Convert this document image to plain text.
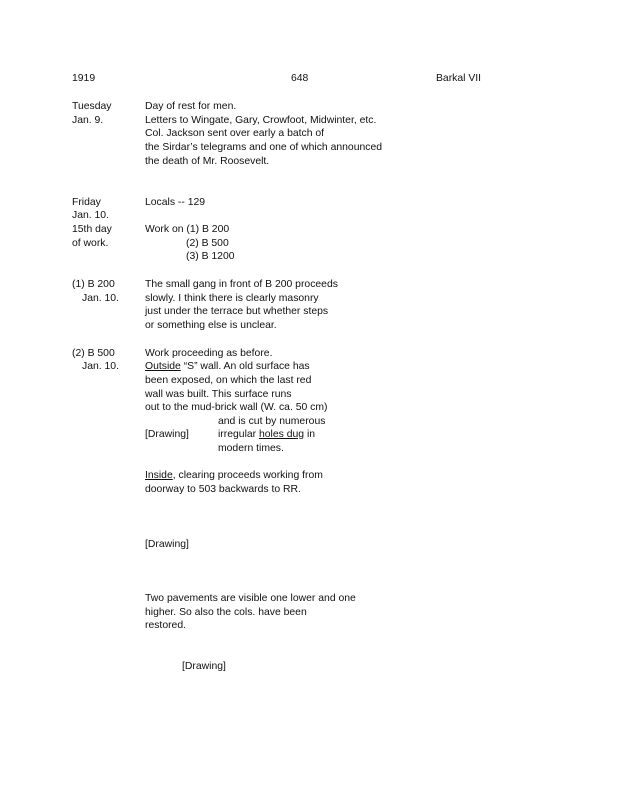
1919	648	Barkal VII
Tuesday
Jan. 9.
Day of rest for men.
Letters to Wingate, Gary, Crowfoot, Midwinter, etc.
Col. Jackson sent over early a batch of
the Sirdar’s telegrams and one of which announced
the death of Mr. Roosevelt.
Friday
Jan. 10.
15th day
of work.
Locals -- 129
Work on (1) B 200
(2) B 500
(3) B 1200
(1) B 200
Jan. 10.
The small gang in front of B 200 proceeds
slowly. I think there is clearly masonry
just under the terrace but whether steps
or something else is unclear.
(2) B 500
Jan. 10.
Work proceeding as before.
Outside “S” wall. An old surface has
been exposed, on which the last red
wall was built. This surface runs
out to the mud-brick wall (W. ca. 50 cm)
and is cut by numerous
[Drawing]	irregular holes dug in
modern times.
Inside, clearing proceeds working from
doorway to 503 backwards to RR.
[Drawing]
Two pavements are visible one lower and one
higher. So also the cols. have been
restored.
[Drawing]
